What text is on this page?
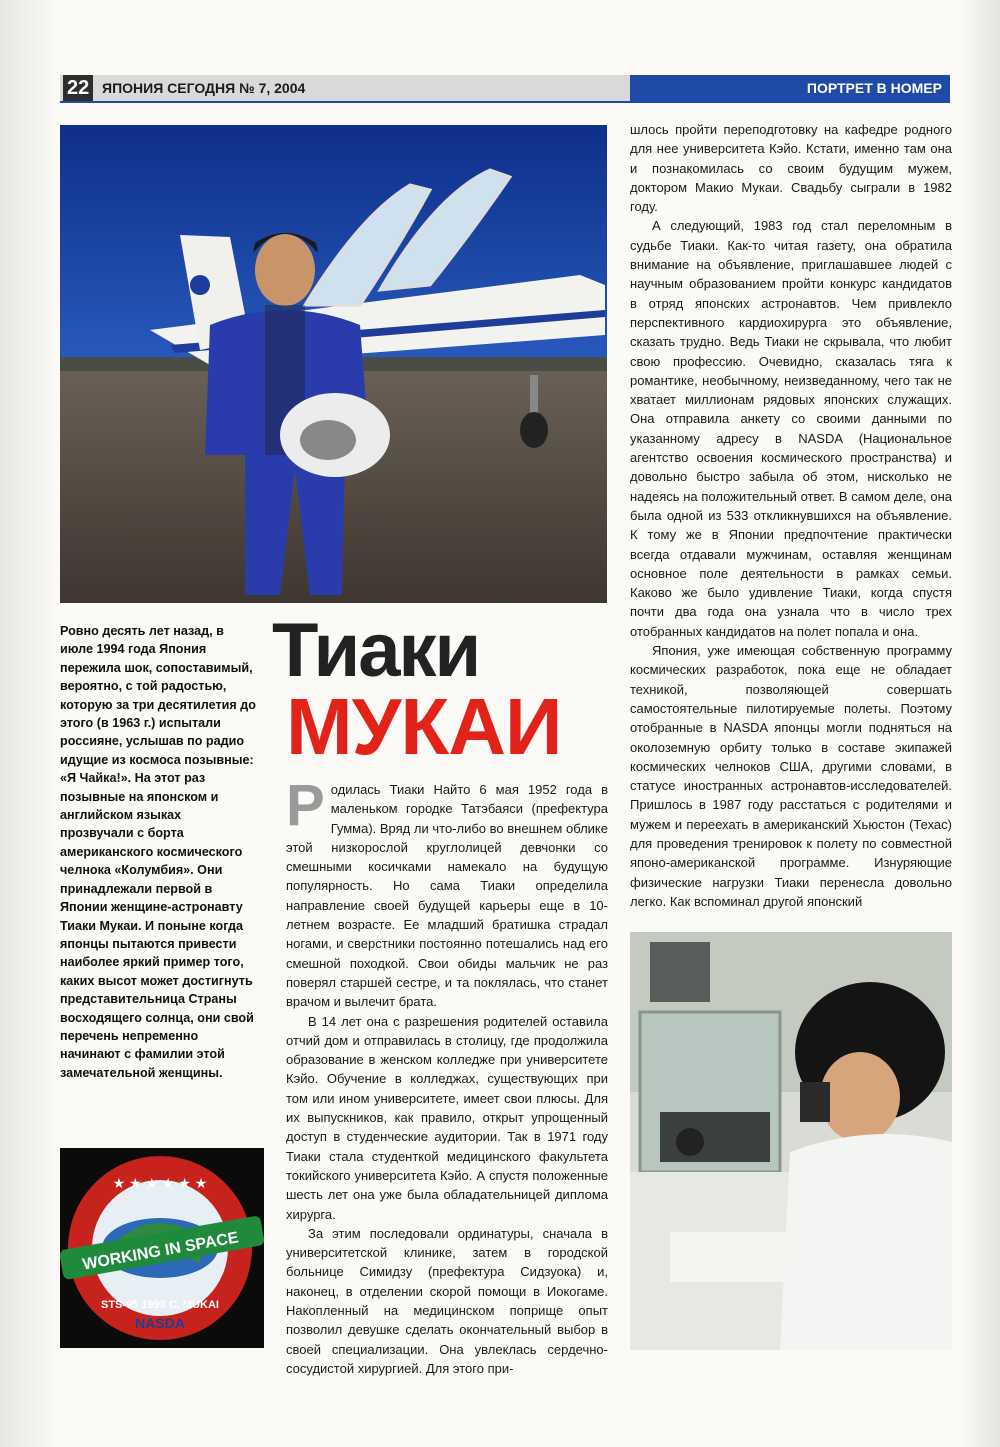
22 ЯПОНИЯ СЕГОДНЯ № 7, 2004	ПОРТРЕТ В НОМЕР
Ровно десять лет назад, в июле 1994 года Япония пережила шок, сопоставимый, вероятно, с той радостью, которую за три десятилетия до этого (в 1963 г.) испытали россияне, услышав по радио идущие из космоса позывные: «Я Чайка!». На этот раз позывные на японском и английском языках прозвучали с борта американского космического челнока «Колумбия». Они принадлежали первой в Японии женщине-астронавту Тиаки Мукаи. И поныне когда японцы пытаются привести наиболее яркий пример того, каких высот может достигнуть представительница Страны восходящего солнца, они свой перечень непременно начинают с фамилии этой замечательной женщины.
Тиаки
МУКАИ
★ ★ ★ ★ ★ ★
WORKING IN SPACE
STS-95 1998 C. MUKAI
NASDA

Родилась Тиаки Найто 6 мая 1952 года в маленьком городке Татэбаяси (префектура Гумма). Вряд ли что-либо во внешнем облике этой низкорослой круглолицей девчонки со смешными косичками намекало на будущую популярность. Но сама Тиаки определила направление своей будущей карьеры еще в 10-летнем возрасте. Ее младший братишка страдал ногами, и сверстники постоянно потешались над его смешной походкой. Свои обиды мальчик не раз поверял старшей сестре, и та поклялась, что станет врачом и вылечит брата.

В 14 лет она с разрешения родителей оставила отчий дом и отправилась в столицу, где продолжила образование в женском колледже при университете Кэйо. Обучение в колледжах, существующих при том или ином университете, имеет свои плюсы. Для их выпускников, как правило, открыт упрощенный доступ в студенческие аудитории. Так в 1971 году Тиаки стала студенткой медицинского факультета токийского университета Кэйо. А спустя положенные шесть лет она уже была обладательницей диплома хирурга.

За этим последовали ординатуры, сначала в университетской клинике, затем в городской больнице Симидзу (префектура Сидзуока) и, наконец, в отделении скорой помощи в Иокогаме. Накопленный на медицинском поприще опыт позволил девушке сделать окончательный выбор в своей специализации. Она увлеклась сердечно-сосудистой хирургией. Для этого при-

шлось пройти переподготовку на кафедре родного для нее университета Кэйо. Кстати, именно там она и познакомилась со своим будущим мужем, доктором Макио Мукаи. Свадьбу сыграли в 1982 году.

А следующий, 1983 год стал переломным в судьбе Тиаки. Как-то читая газету, она обратила внимание на объявление, приглашавшее людей с научным образованием пройти конкурс кандидатов в отряд японских астронавтов. Чем привлекло перспективного кардиохирурга это объявление, сказать трудно. Ведь Тиаки не скрывала, что любит свою профессию. Очевидно, сказалась тяга к романтике, необычному, неизведанному, чего так не хватает миллионам рядовых японских служащих. Она отправила анкету со своими данными по указанному адресу в NASDA (Национальное агентство освоения космического пространства) и довольно быстро забыла об этом, нисколько не надеясь на положительный ответ. В самом деле, она была одной из 533 откликнувшихся на объявление. К тому же в Японии предпочтение практически всегда отдавали мужчинам, оставляя женщинам основное поле деятельности в рамках семьи. Каково же было удивление Тиаки, когда спустя почти два года она узнала что в число трех отобранных кандидатов на полет попала и она.

Япония, уже имеющая собственную программу космических разработок, пока еще не обладает техникой, позволяющей совершать самостоятельные пилотируемые полеты. Поэтому отобранные в NASDA японцы могли подняться на околоземную орбиту только в составе экипажей космических челноков США, другими словами, в статусе иностранных астронавтов-исследователей. Пришлось в 1987 году расстаться с родителями и мужем и переехать в американский Хьюстон (Техас) для проведения тренировок к полету по совместной японо-американской программе. Изнуряющие физические нагрузки Тиаки перенесла довольно легко. Как вспоминал другой японский
